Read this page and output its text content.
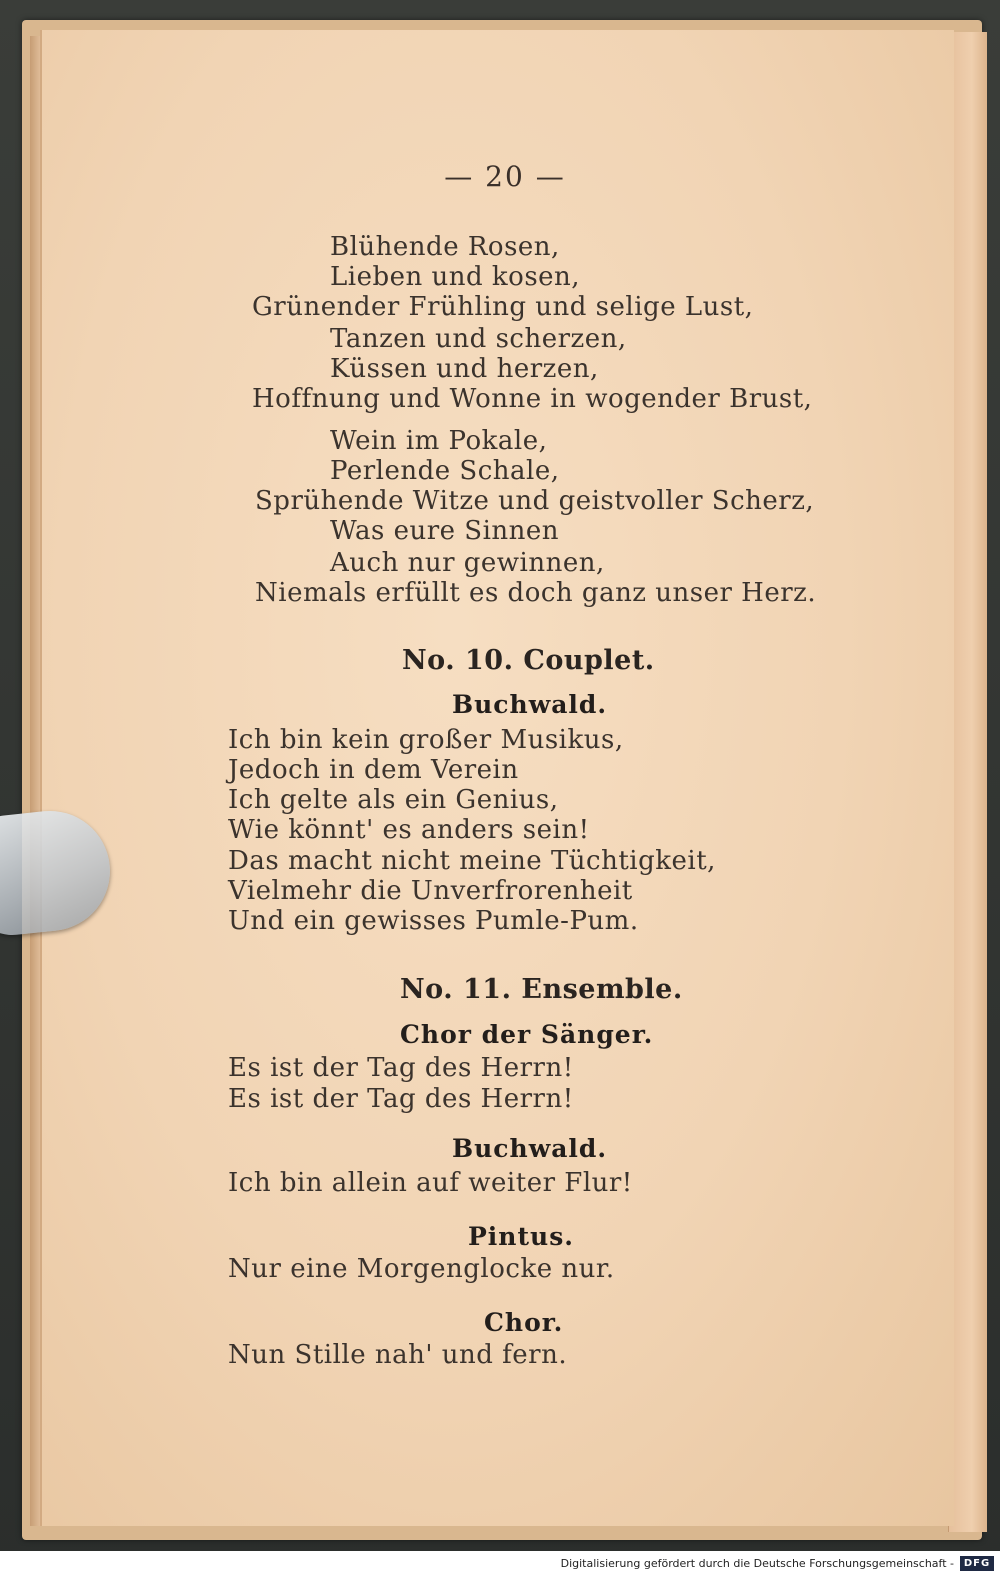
— 20 —
Blühende Rosen,
Lieben und kosen,
Grünender Frühling und selige Lust,
Tanzen und scherzen,
Küssen und herzen,
Hoffnung und Wonne in wogender Brust,
Wein im Pokale,
Perlende Schale,
Sprühende Witze und geistvoller Scherz,
Was eure Sinnen
Auch nur gewinnen,
Niemals erfüllt es doch ganz unser Herz.
No. 10. Couplet.
Buchwald.
Ich bin kein großer Musikus,
Jedoch in dem Verein
Ich gelte als ein Genius,
Wie könnt' es anders sein!
Das macht nicht meine Tüchtigkeit,
Vielmehr die Unverfrorenheit
Und ein gewisses Pumle-Pum.
No. 11. Ensemble.
Chor der Sänger.
Es ist der Tag des Herrn!
Es ist der Tag des Herrn!
Buchwald.
Ich bin allein auf weiter Flur!
Pintus.
Nur eine Morgenglocke nur.
Chor.
Nun Stille nah' und fern.
Digitalisierung gefördert durch die Deutsche Forschungsgemeinschaft - DFG
